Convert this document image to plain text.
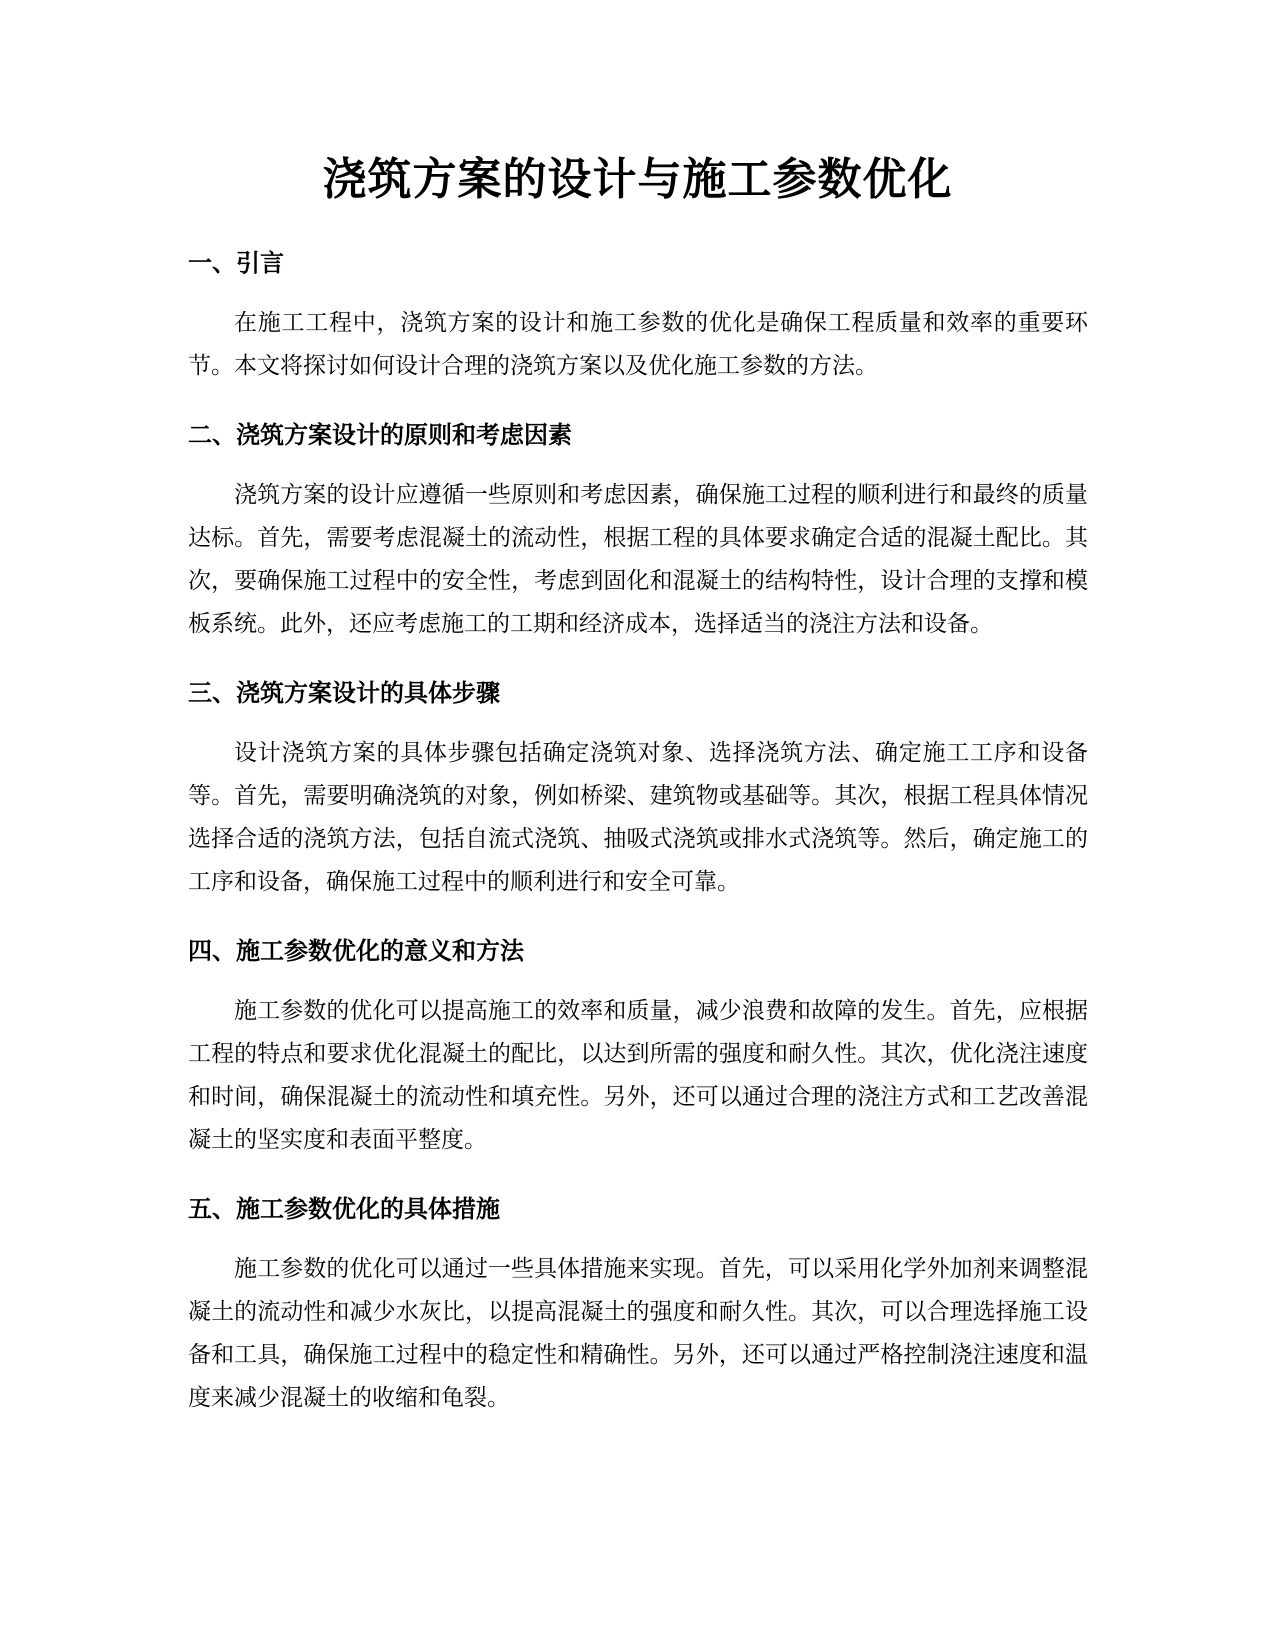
浇筑方案的设计与施工参数优化
一、引言

在施工工程中，浇筑方案的设计和施工参数的优化是确保工程质量和效率的重要环节。本文将探讨如何设计合理的浇筑方案以及优化施工参数的方法。

二、浇筑方案设计的原则和考虑因素

浇筑方案的设计应遵循一些原则和考虑因素，确保施工过程的顺利进行和最终的质量达标。首先，需要考虑混凝土的流动性，根据工程的具体要求确定合适的混凝土配比。其次，要确保施工过程中的安全性，考虑到固化和混凝土的结构特性，设计合理的支撑和模板系统。此外，还应考虑施工的工期和经济成本，选择适当的浇注方法和设备。

三、浇筑方案设计的具体步骤

设计浇筑方案的具体步骤包括确定浇筑对象、选择浇筑方法、确定施工工序和设备等。首先，需要明确浇筑的对象，例如桥梁、建筑物或基础等。其次，根据工程具体情况选择合适的浇筑方法，包括自流式浇筑、抽吸式浇筑或排水式浇筑等。然后，确定施工的工序和设备，确保施工过程中的顺利进行和安全可靠。

四、施工参数优化的意义和方法

施工参数的优化可以提高施工的效率和质量，减少浪费和故障的发生。首先，应根据工程的特点和要求优化混凝土的配比，以达到所需的强度和耐久性。其次，优化浇注速度和时间，确保混凝土的流动性和填充性。另外，还可以通过合理的浇注方式和工艺改善混凝土的坚实度和表面平整度。

五、施工参数优化的具体措施

施工参数的优化可以通过一些具体措施来实现。首先，可以采用化学外加剂来调整混凝土的流动性和减少水灰比，以提高混凝土的强度和耐久性。其次，可以合理选择施工设备和工具，确保施工过程中的稳定性和精确性。另外，还可以通过严格控制浇注速度和温度来减少混凝土的收缩和龟裂。
